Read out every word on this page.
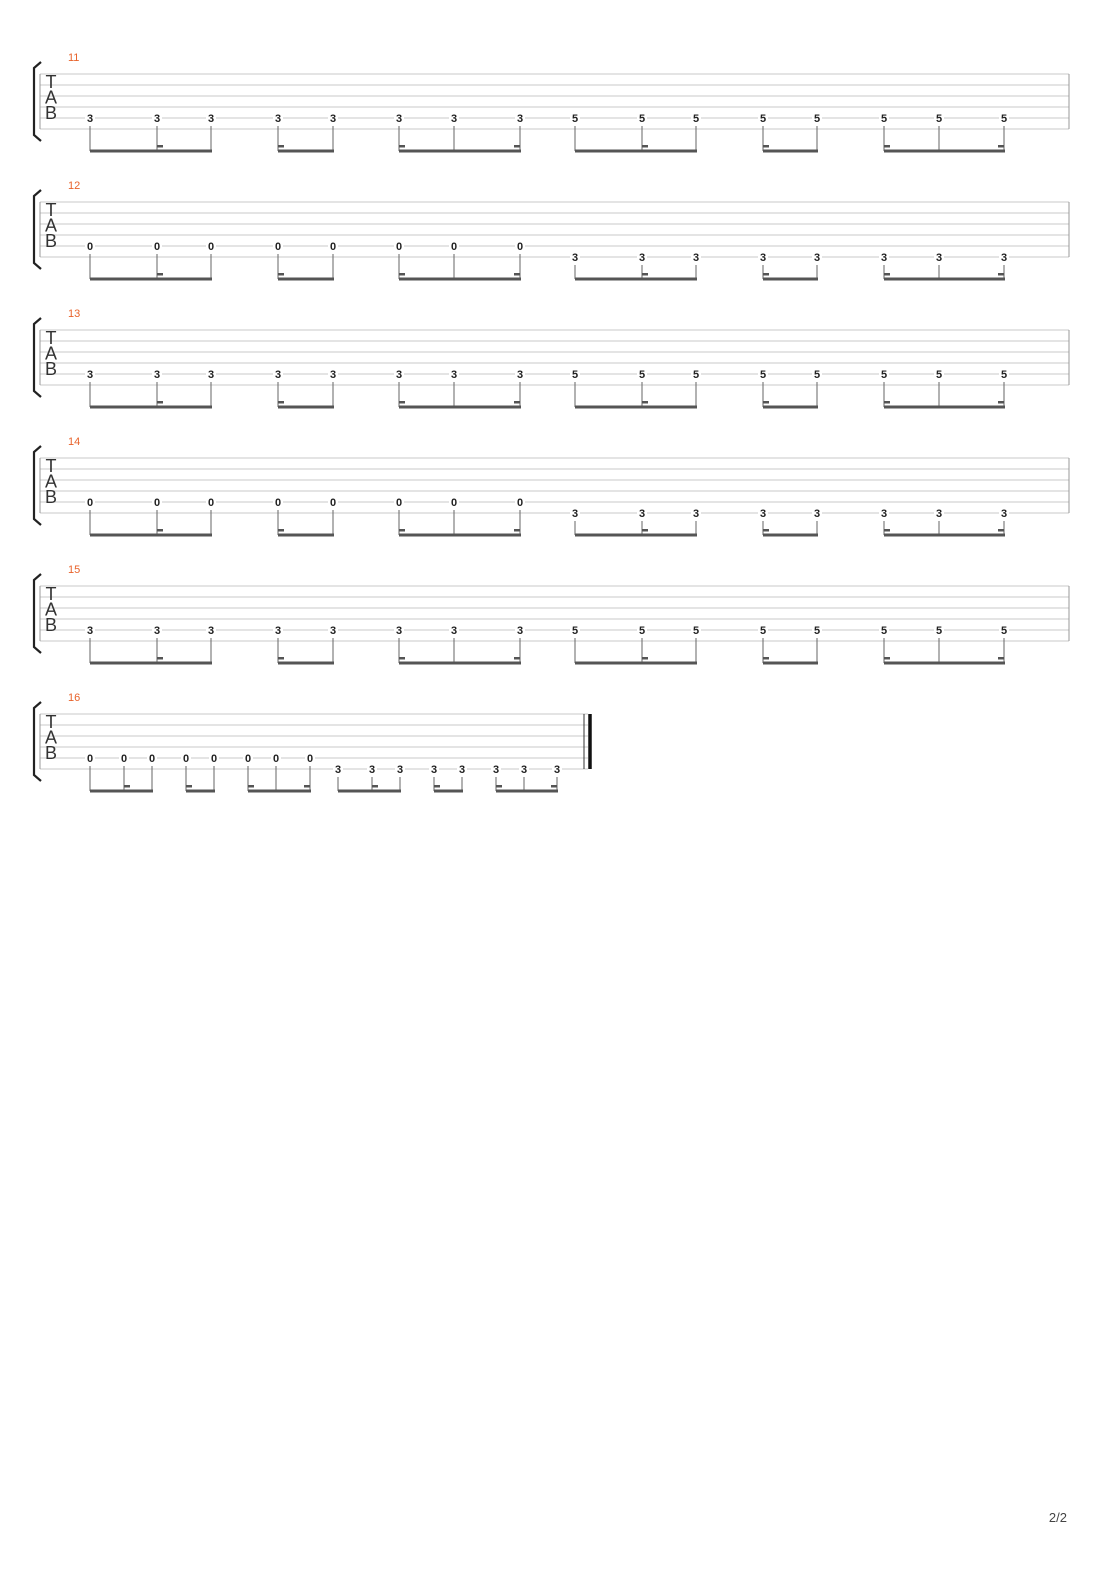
11
T
A
B	3	3	3	3	3	3	3	3	5	5	5	5	5	5	5	5
12
T
A
B	0	0	0	0	0	0	0	0
3	3	3	3	3	3	3	3
13
T
A
B	3	3	3	3	3	3	3	3	5	5	5	5	5	5	5	5
14
T
A
B	0	0	0	0	0	0	0	0
3	3	3	3	3	3	3	3
15
T
A
B	3	3	3	3	3	3	3	3	5	5	5	5	5	5	5	5
16
T
A
B	0	0 0	0 0	0 0	0
3	3 3	3 3	3 3 3
2/2
